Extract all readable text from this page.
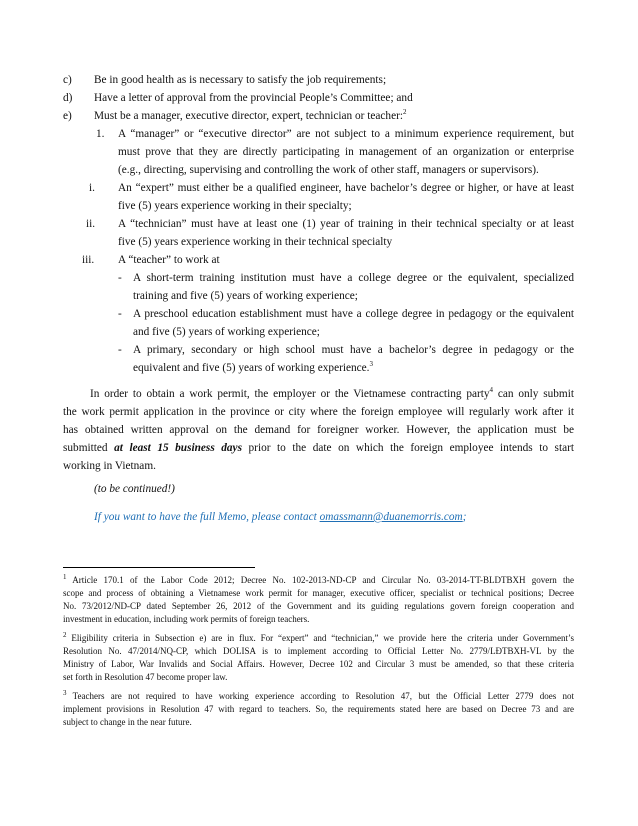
c) Be in good health as is necessary to satisfy the job requirements;
d) Have a letter of approval from the provincial People’s Committee; and
e) Must be a manager, executive director, expert, technician or teacher:$^2$
1. A “manager” or “executive director” are not subject to a minimum experience requirement, but
must prove that they are directly participating in management of an organization or enterprise
(e.g., directing, supervising and controlling the work of other staff, managers or supervisors).
i. An “expert” must either be a qualified engineer, have bachelor’s degree or higher, or have at least
five (5) years experience working in their specialty;
ii. A “technician” must have at least one (1) year of training in their technical specialty or at least
five (5) years experience working in their technical specialty
iii. A “teacher” to work at
- A short-term training institution must have a college degree or the equivalent, specialized
training and five (5) years of working experience;
- A preschool education establishment must have a college degree in pedagogy or the equivalent
and five (5) years of working experience;
- A primary, secondary or high school must have a bachelor’s degree in pedagogy or the
equivalent and five (5) years of working experience.$^3$
In order to obtain a work permit, the employer or the Vietnamese contracting party$^4$ can only submit
the work permit application in the province or city where the foreign employee will regularly work after it
has obtained written approval on the demand for foreigner worker. However, the application must be
submitted at least 15 business days prior to the date on which the foreign employee intends to start
working in Vietnam.
(to be continued!)
If you want to have the full Memo, please contact omassmann@duanemorris.com;
$^1$ Article 170.1 of the Labor Code 2012; Decree No. 102-2013-ND-CP and Circular No. 03-2014-TT-BLDTBXH govern the
scope and process of obtaining a Vietnamese work permit for manager, executive officer, specialist or technical positions; Decree
No. 73/2012/ND-CP dated September 26, 2012 of the Government and its guiding regulations govern foreign cooperation and
investment in education, including work permits of foreign teachers.
$^2$ Eligibility criteria in Subsection e) are in flux. For “expert” and “technician,” we provide here the criteria under Government’s
Resolution No. 47/2014/NQ-CP, which DOLISA is to implement according to Official Letter No. 2779/LĐTBXH-VL by the
Ministry of Labor, War Invalids and Social Affairs. However, Decree 102 and Circular 3 must be amended, so that these criteria
set forth in Resolution 47 become proper law.
$^3$ Teachers are not required to have working experience according to Resolution 47, but the Official Letter 2779 does not
implement provisions in Resolution 47 with regard to teachers. So, the requirements stated here are based on Decree 73 and are
subject to change in the near future.
